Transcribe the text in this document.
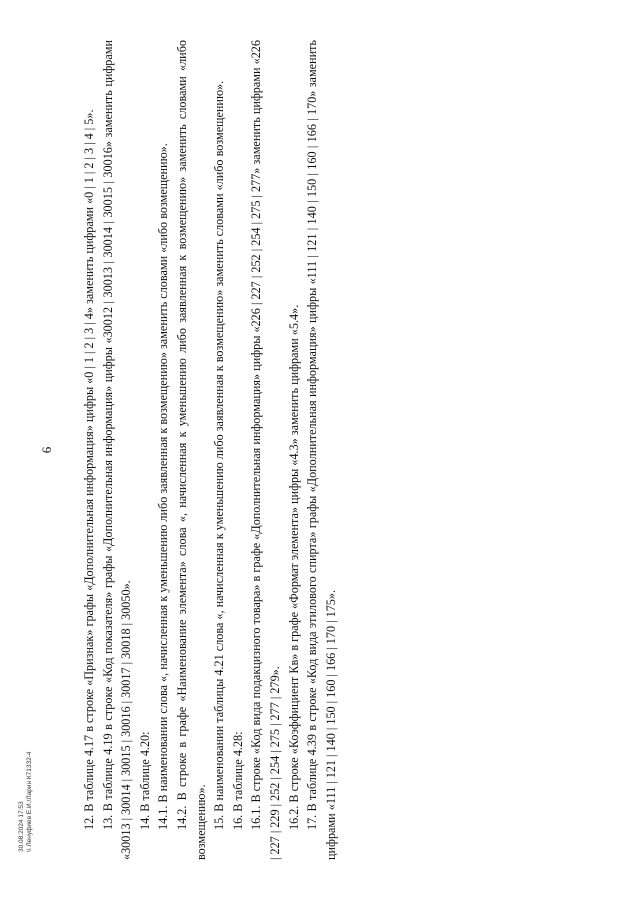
6 12. В таблице 4.17 в строке «Признак» графы «Дополнительная информация» цифры «0 | 1 | 2 | 3 | 4» заменить цифрами «0 | 1 | 2 | 3 | 4 | 5». 13. В таблице 4.19 в строке «Код показателя» графы «Дополнительная информация» цифры «30012 | 30013 | 30014 | 30015 | 30016» заменить цифрами «30013 | 30014 | 30015 | 30016 | 30017 | 30018 | 30050». 14. В таблице 4.20: 14.1. В наименовании слова «, начисленная к уменьшению либо заявленная к возмещению» заменить словами «либо возмещению». 14.2. В строке в графе «Наименование элемента» слова «, начисленная к уменьшению либо заявленная к возмещению» заменить словами «либо возмещению». 15. В наименовании таблицы 4.21 слова «, начисленная к уменьшению либо заявленная к возмещению» заменить словами «либо возмещению». 16. В таблице 4.28: 16.1. В строке «Код вида подакцизного товара» в графе «Дополнительная информация» цифры «226 | 227 | 252 | 254 | 275 | 277» заменить цифрами «226 | 227 | 229 | 252 | 254 | 275 | 277 | 279». 16.2. В строке «Коэффициент Кв» в графе «Формат элемента» цифры «4.3» заменить цифрами «5.4». 17. В таблице 4.39 в строке «Код вида этилового спирта» графы «Дополнительная информация» цифры «111 | 121 | 140 | 150 | 160 | 166 | 170» заменить цифрами «111 | 121 | 140 | 150 | 160 | 166 | 170 | 175».

30.08.2024 17:53 \\ Ленуфиев Е.И./Ларин К71332-4
